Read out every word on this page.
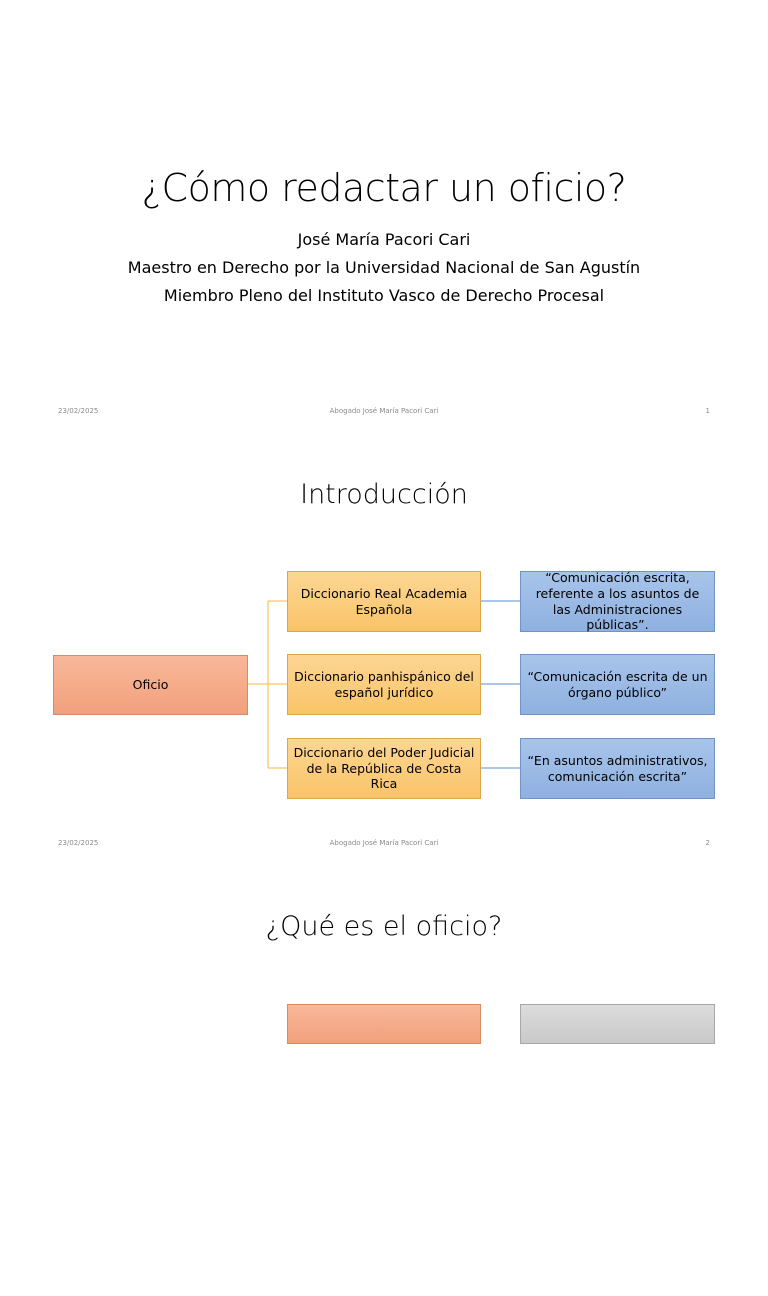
¿Cómo redactar un oficio?
José María Pacori Cari
Maestro en Derecho por la Universidad Nacional de San Agustín
Miembro Pleno del Instituto Vasco de Derecho Procesal
23/02/2025	Abogado José María Pacori Cari	1
Introducción
Oficio
Diccionario Real Academia Española
Diccionario panhispánico del español jurídico
Diccionario del Poder Judicial de la República de Costa Rica
“Comunicación escrita, referente a los asuntos de las Administraciones públicas”.
“Comunicación escrita de un órgano público”
“En asuntos administrativos, comunicación escrita”
23/02/2025	Abogado José María Pacori Cari	2
¿Qué es el oficio?
